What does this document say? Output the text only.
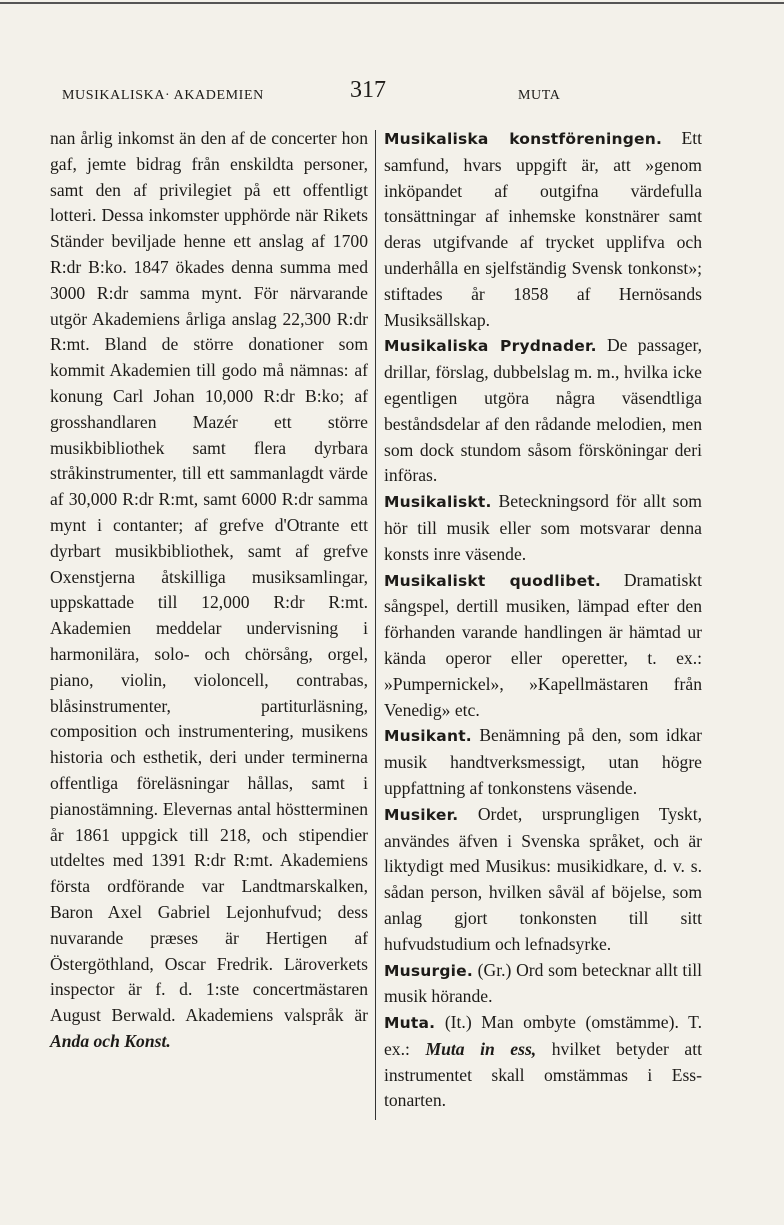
MUSIKALISKA· AKADEMIEN	317	MUTA

nan årlig inkomst än den af de concerter hon gaf, jemte bidrag från enskildta personer, samt den af privilegiet på ett offentligt lotteri. Dessa inkomster upphörde när Rikets Ständer beviljade henne ett anslag af 1700 R:dr B:ko. 1847 ökades denna summa med 3000 R:dr samma mynt. För närvarande utgör Akademiens årliga anslag 22,300 R:dr R:mt. Bland de större donationer som kommit Akademien till godo må nämnas: af konung Carl Johan 10,000 R:dr B:ko; af grosshandlaren Mazér ett större musikbibliothek samt flera dyrbara stråkinstrumenter, till ett sammanlagdt värde af 30,000 R:dr R:mt, samt 6000 R:dr samma mynt i contanter; af grefve d'Otrante ett dyrbart musikbibliothek, samt af grefve Oxenstjerna åtskilliga musiksamlingar, uppskattade till 12,000 R:dr R:mt. Akademien meddelar undervisning i harmonilära, solo- och chörsång, orgel, piano, violin, violoncell, contrabas, blåsinstrumenter, partiturläsning, composition och instrumentering, musikens historia och esthetik, deri under terminerna offentliga föreläsningar hållas, samt i pianostämning. Elevernas antal höstterminen år 1861 uppgick till 218, och stipendier utdeltes med 1391 R:dr R:mt. Akademiens första ordförande var Landtmarskalken, Baron Axel Gabriel Lejonhufvud; dess nuvarande præses är Hertigen af Östergöthland, Oscar Fredrik. Läroverkets inspector är f. d. 1:ste concertmästaren August Berwald. Akademiens valspråk är Anda och Konst.

Musikaliska konstföreningen. Ett samfund, hvars uppgift är, att »genom inköpandet af outgifna värdefulla tonsättningar af inhemske konstnärer samt deras utgifvande af trycket upplifva och underhålla en sjelfständig Svensk tonkonst»; stiftades år 1858 af Hernösands Musiksällskap.

Musikaliska Prydnader. De passager, drillar, förslag, dubbelslag m. m., hvilka icke egentligen utgöra några väsendtliga beståndsdelar af den rådande melodien, men som dock stundom såsom försköningar deri införas.

Musikaliskt. Beteckningsord för allt som hör till musik eller som motsvarar denna konsts inre väsende.

Musikaliskt quodlibet. Dramatiskt sångspel, dertill musiken, lämpad efter den förhanden varande handlingen är hämtad ur kända operor eller operetter, t. ex.: »Pumpernickel», »Kapellmästaren från Venedig» etc.

Musikant. Benämning på den, som idkar musik handtverksmessigt, utan högre uppfattning af tonkonstens väsende.

Musiker. Ordet, ursprungligen Tyskt, användes äfven i Svenska språket, och är liktydigt med Musikus: musikidkare, d. v. s. sådan person, hvilken såväl af böjelse, som anlag gjort tonkonsten till sitt hufvudstudium och lefnadsyrke.

Musurgie. (Gr.) Ord som betecknar allt till musik hörande.

Muta. (It.) Man ombyte (omstämme). T. ex.: Muta in ess, hvilket betyder att instrumentet skall omstämmas i Ess-tonarten.
